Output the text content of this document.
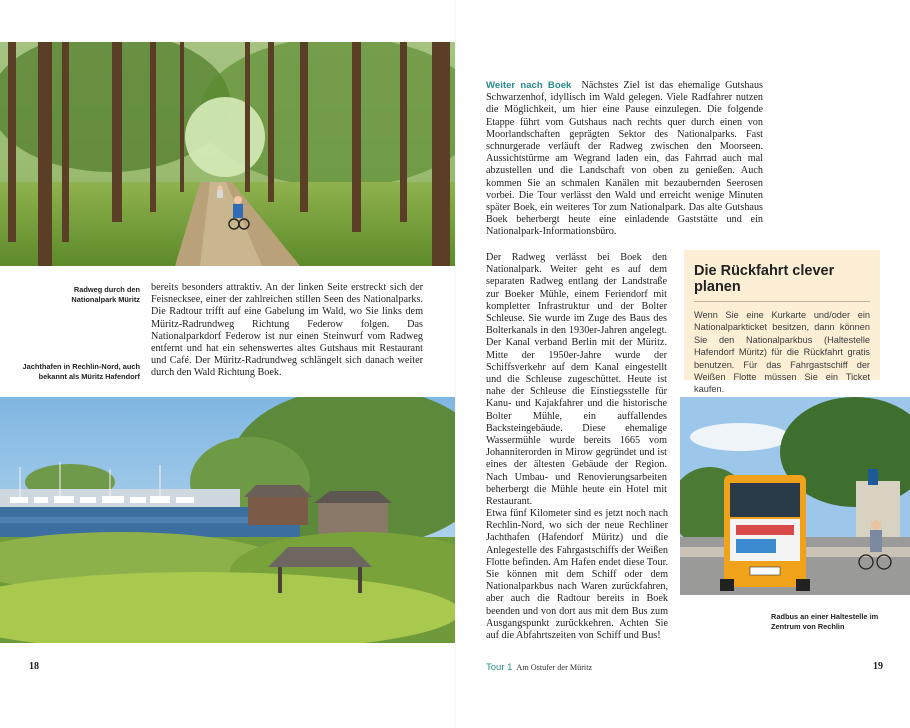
Radweg durch den Nationalpark Müritz
Jachthafen in Rechlin-Nord, auch bekannt als Müritz Hafendorf

bereits besonders attraktiv. An der linken Seite erstreckt sich der Feisnecksee, einer der zahlreichen stillen Seen des Nationalparks. Die Radtour trifft auf eine Gabelung im Wald, wo Sie links dem Müritz-Radrundweg Richtung Federow folgen. Das Nationalparkdorf Federow ist nur einen Steinwurf vom Radweg entfernt und hat ein sehenswertes altes Gutshaus mit Restaurant und Café. Der Müritz-Radrundweg schlängelt sich danach weiter durch den Wald Richtung Boek.

18

Weiter nach Boek Nächstes Ziel ist das ehemalige Gutshaus Schwarzenhof, idyllisch im Wald gelegen. Viele Radfahrer nutzen die Möglichkeit, um hier eine Pause einzulegen. Die folgende Etappe führt vom Gutshaus nach rechts quer durch einen von Moorlandschaften geprägten Sektor des Nationalparks. Fast schnurgerade verläuft der Radweg zwischen den Moorseen. Aussichtstürme am Wegrand laden ein, das Fahrrad auch mal abzustellen und die Landschaft von oben zu genießen. Auch kommen Sie an schmalen Kanälen mit bezaubernden Seerosen vorbei. Die Tour verlässt den Wald und erreicht wenige Minuten später Boek, ein weiteres Tor zum Nationalpark. Das alte Gutshaus Boek beherbergt heute eine einladende Gaststätte und ein Nationalpark-Informationsbüro.

Der Radweg verlässt bei Boek den Nationalpark. Weiter geht es auf dem separaten Radweg entlang der Landstraße zur Boeker Mühle, einem Feriendorf mit kompletter Infrastruktur und der Bolter Schleuse. Sie wurde im Zuge des Baus des Bolterkanals in den 1930er-Jahren angelegt. Der Kanal verband Berlin mit der Müritz. Mitte der 1950er-Jahre wurde der Schiffsverkehr auf dem Kanal eingestellt und die Schleuse zugeschüttet. Heute ist nahe der Schleuse die Einstiegsstelle für Kanu- und Kajakfahrer und die historische Bolter Mühle, ein auffallendes Backsteingebäude. Diese ehemalige Wassermühle wurde bereits 1665 vom Johanniterorden in Mirow gegründet und ist eines der ältesten Gebäude der Region. Nach Umbau- und Renovierungsarbeiten beherbergt die Mühle heute ein Hotel mit Restaurant.

Etwa fünf Kilometer sind es jetzt noch nach Rechlin-Nord, wo sich der neue Rechliner Jachthafen (Hafendorf Müritz) und die Anlegestelle des Fahrgastschiffs der Weißen Flotte befinden. Am Hafen endet diese Tour. Sie können mit dem Schiff oder dem Nationalparkbus nach Waren zurückfahren, aber auch die Radtour bereits in Boek beenden und von dort aus mit dem Bus zum Ausgangspunkt zurückkehren. Achten Sie auf die Abfahrtszeiten von Schiff und Bus!

Die Rückfahrt clever planen

Wenn Sie eine Kurkarte und/oder ein Nationalparkticket besitzen, dann können Sie den Nationalparkbus (Haltestelle Hafendorf Müritz) für die Rückfahrt gratis benutzen. Für das Fahrgastschiff der Weißen Flotte müssen Sie ein Ticket kaufen.

Radbus an einer Haltestelle im Zentrum von Rechlin
Tour 1 Am Ostufer der Müritz	19
